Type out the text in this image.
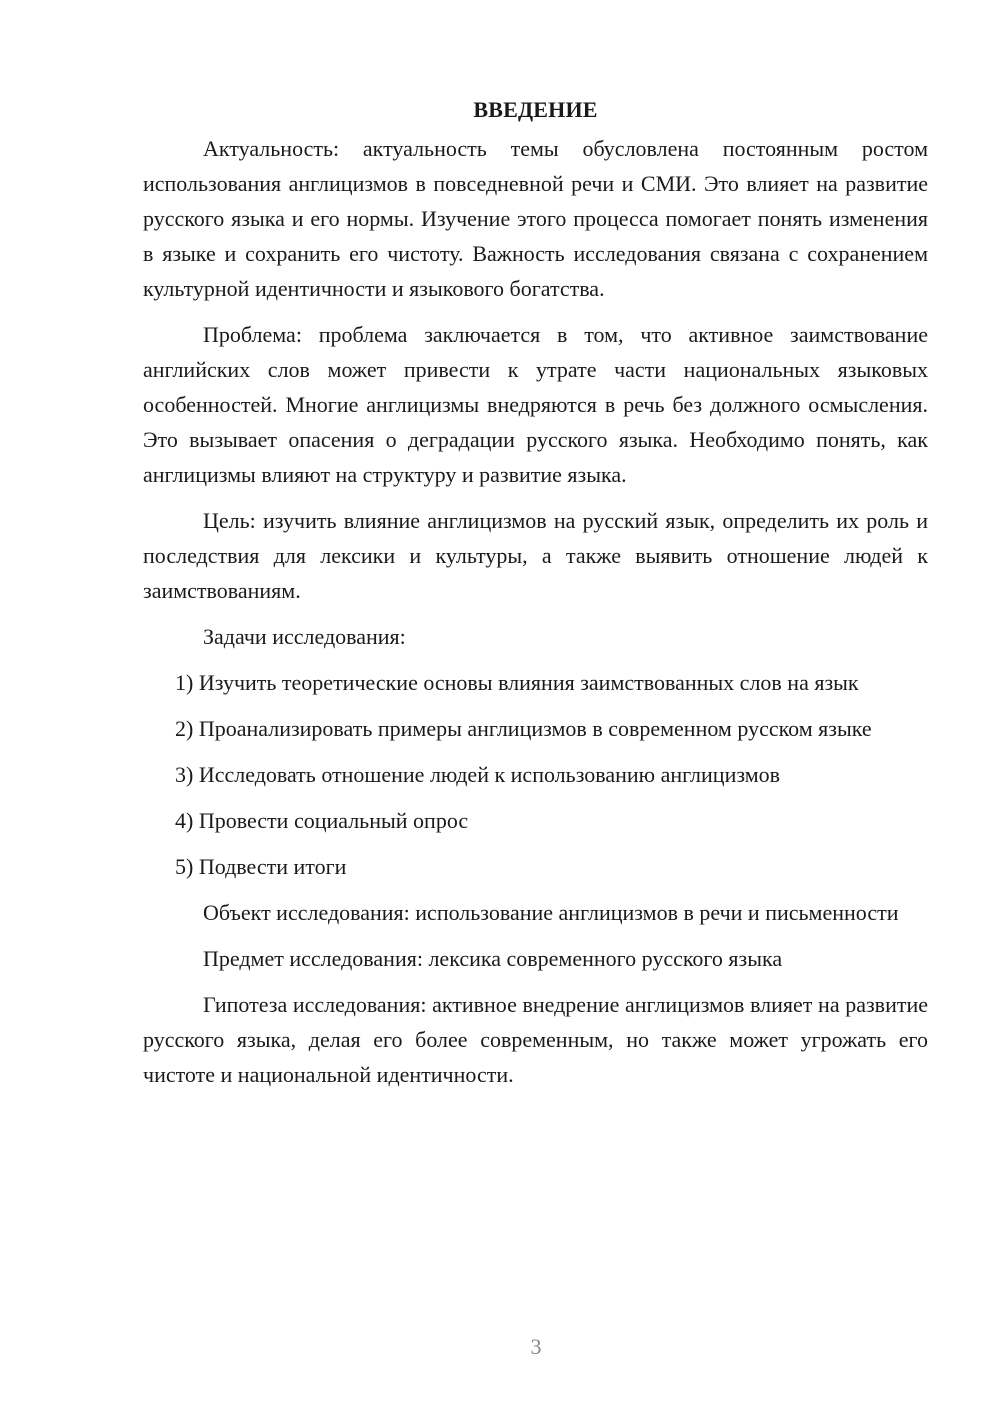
ВВЕДЕНИЕ

Актуальность: актуальность темы обусловлена постоянным ростом использования англицизмов в повседневной речи и СМИ. Это влияет на развитие русского языка и его нормы. Изучение этого процесса помогает понять изменения в языке и сохранить его чистоту. Важность исследования связана с сохранением культурной идентичности и языкового богатства.

Проблема: проблема заключается в том, что активное заимствование английских слов может привести к утрате части национальных языковых особенностей. Многие англицизмы внедряются в речь без должного осмысления. Это вызывает опасения о деградации русского языка. Необходимо понять, как англицизмы влияют на структуру и развитие языка.

Цель: изучить влияние англицизмов на русский язык, определить их роль и последствия для лексики и культуры, а также выявить отношение людей к заимствованиям.

Задачи исследования:

1) Изучить теоретические основы влияния заимствованных слов на язык

2) Проанализировать примеры англицизмов в современном русском языке

3) Исследовать отношение людей к использованию англицизмов

4) Провести социальный опрос

5) Подвести итоги

Объект исследования: использование англицизмов в речи и письменности

Предмет исследования: лексика современного русского языка

Гипотеза исследования: активное внедрение англицизмов влияет на развитие русского языка, делая его более современным, но также может угрожать его чистоте и национальной идентичности.

3
